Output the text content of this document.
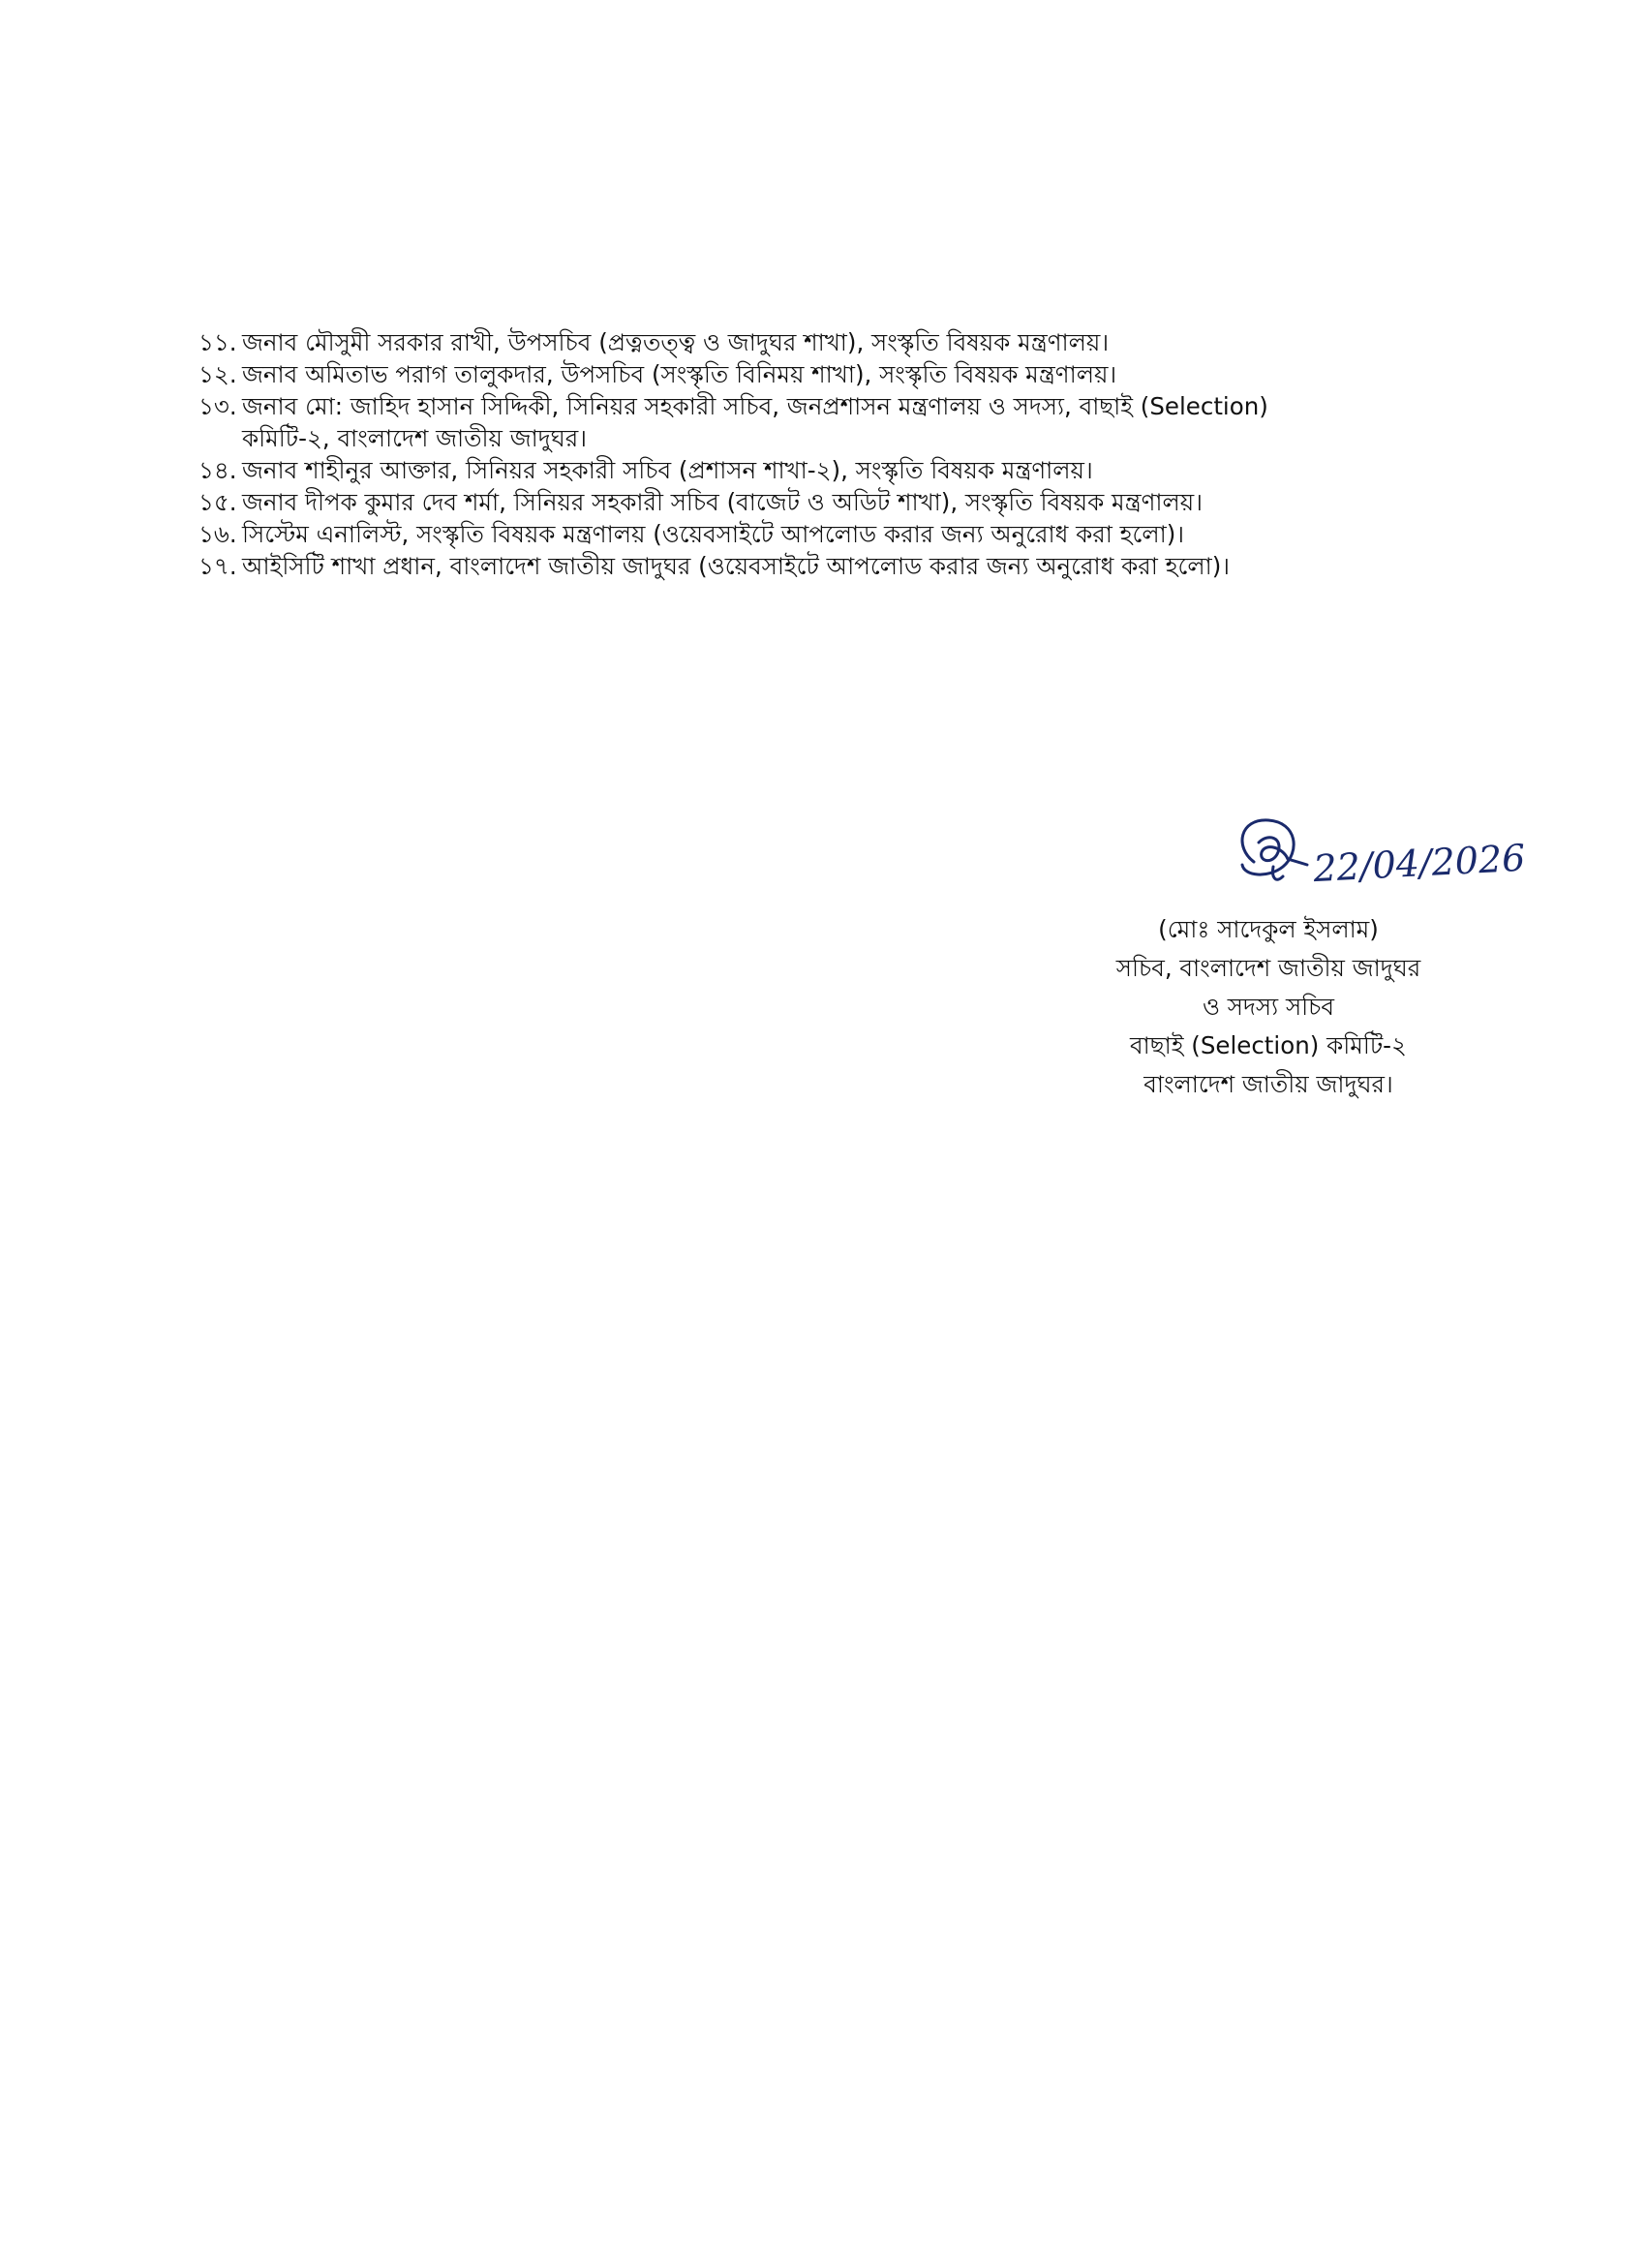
১১. জনাব মৌসুমী সরকার রাখী, উপসচিব (প্রত্নতত্ত্ব ও জাদুঘর শাখা), সংস্কৃতি বিষয়ক মন্ত্রণালয়।
১২. জনাব অমিতাভ পরাগ তালুকদার, উপসচিব (সংস্কৃতি বিনিময় শাখা), সংস্কৃতি বিষয়ক মন্ত্রণালয়।
১৩. জনাব মো: জাহিদ হাসান সিদ্দিকী, সিনিয়র সহকারী সচিব, জনপ্রশাসন মন্ত্রণালয় ও সদস্য, বাছাই (Selection)
কমিটি-২, বাংলাদেশ জাতীয় জাদুঘর।
১৪. জনাব শাহীনুর আক্তার, সিনিয়র সহকারী সচিব (প্রশাসন শাখা-২), সংস্কৃতি বিষয়ক মন্ত্রণালয়।
১৫. জনাব দীপক কুমার দেব শর্মা, সিনিয়র সহকারী সচিব (বাজেট ও অডিট শাখা), সংস্কৃতি বিষয়ক মন্ত্রণালয়।
১৬. সিস্টেম এনালিস্ট, সংস্কৃতি বিষয়ক মন্ত্রণালয় (ওয়েবসাইটে আপলোড করার জন্য অনুরোধ করা হলো)।
১৭. আইসিটি শাখা প্রধান, বাংলাদেশ জাতীয় জাদুঘর (ওয়েবসাইটে আপলোড করার জন্য অনুরোধ করা হলো)।
22/04/2026
(মোঃ সাদেকুল ইসলাম)
সচিব, বাংলাদেশ জাতীয় জাদুঘর
ও সদস্য সচিব
বাছাই (Selection) কমিটি-২
বাংলাদেশ জাতীয় জাদুঘর।
